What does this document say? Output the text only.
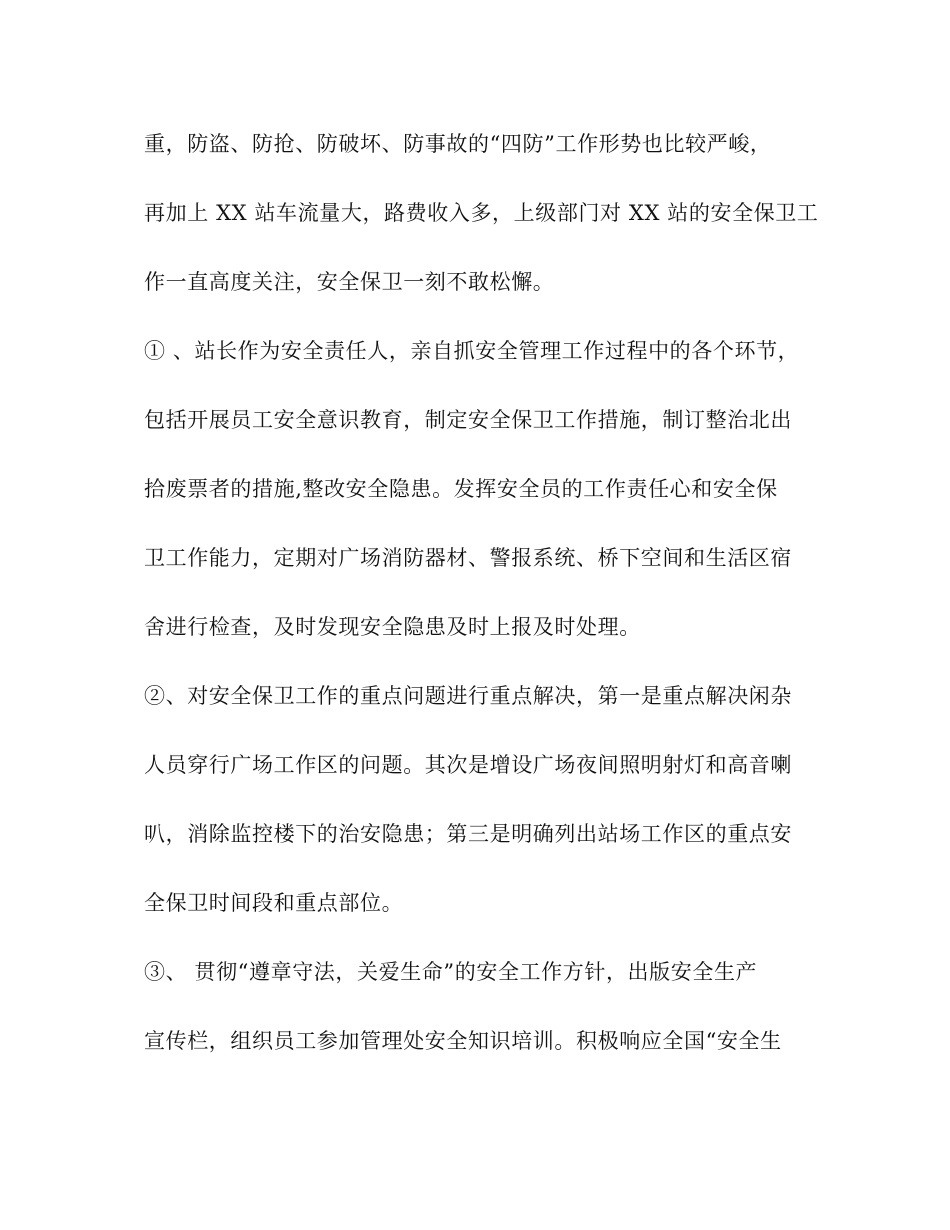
重，防盗、防抢、防破坏、防事故的“四防”工作形势也比较严峻，
再加上 XX 站车流量大，路费收入多，上级部门对 XX 站的安全保卫工
作一直高度关注，安全保卫一刻不敢松懈。
① 、站长作为安全责任人，亲自抓安全管理工作过程中的各个环节，
包括开展员工安全意识教育，制定安全保卫工作措施，制订整治北出
拾废票者的措施,整改安全隐患。发挥安全员的工作责任心和安全保
卫工作能力，定期对广场消防器材、警报系统、桥下空间和生活区宿
舍进行检查，及时发现安全隐患及时上报及时处理。
②、对安全保卫工作的重点问题进行重点解决，第一是重点解决闲杂
人员穿行广场工作区的问题。其次是增设广场夜间照明射灯和高音喇
叭，消除监控楼下的治安隐患；第三是明确列出站场工作区的重点安
全保卫时间段和重点部位。
③、 贯彻“遵章守法，关爱生命”的安全工作方针，出版安全生产
宣传栏，组织员工参加管理处安全知识培训。积极响应全国“安全生
